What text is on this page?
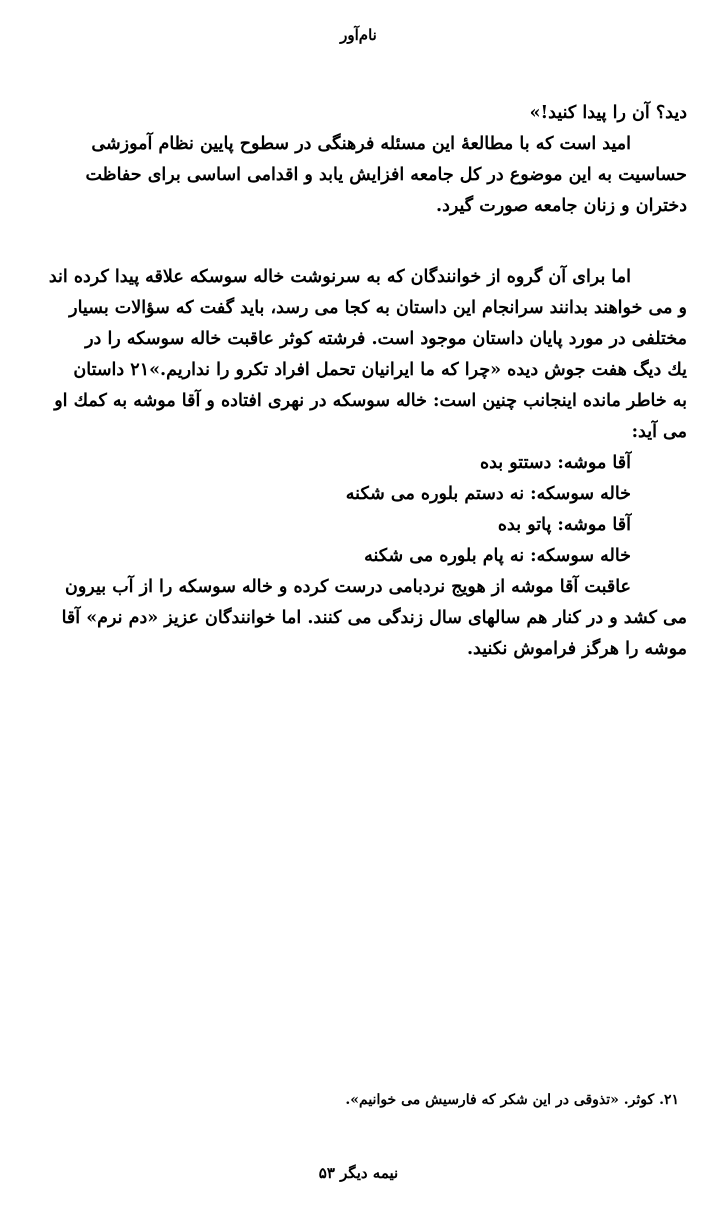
نام‌آور
دید؟ آن را پیدا کنید!»
امید است که با مطالعهٔ این مسئله فرهنگی در سطوح پایین نظام آموزشی
حساسیت به این موضوع در کل جامعه افزایش یابد و اقدامی اساسی برای حفاظت
دختران و زنان جامعه صورت گیرد.
اما برای آن گروه از خوانندگان که به سرنوشت خاله سوسکه علاقه پیدا کرده اند
و می خواهند بدانند سرانجام این داستان به کجا می رسد، باید گفت که سؤالات بسیار
مختلفی در مورد پایان داستان موجود است. فرشته کوثر عاقبت خاله سوسکه را در
یك دیگ هفت جوش دیده «چرا که ما ایرانیان تحمل افراد تکرو را نداریم.»٢١ داستان
به خاطر مانده اینجانب چنین است: خاله سوسکه در نهری افتاده و آقا موشه به کمك او
می آید:
آقا موشه: دستتو بده
خاله سوسکه: نه دستم بلوره می شکنه
آقا موشه: پاتو بده
خاله سوسکه: نه پام بلوره می شکنه
عاقبت آقا موشه از هویج نردبامی درست کرده و خاله سوسکه را از آب بیرون
می کشد و در کنار هم سالهای سال زندگی می کنند. اما خوانندگان عزیز «دم نرم» آقا
موشه را هرگز فراموش نکنید.
۲۱. کوثر. «تذوقی در این شکر که فارسیش می خوانیم».
نیمه دیگر ۵۳
